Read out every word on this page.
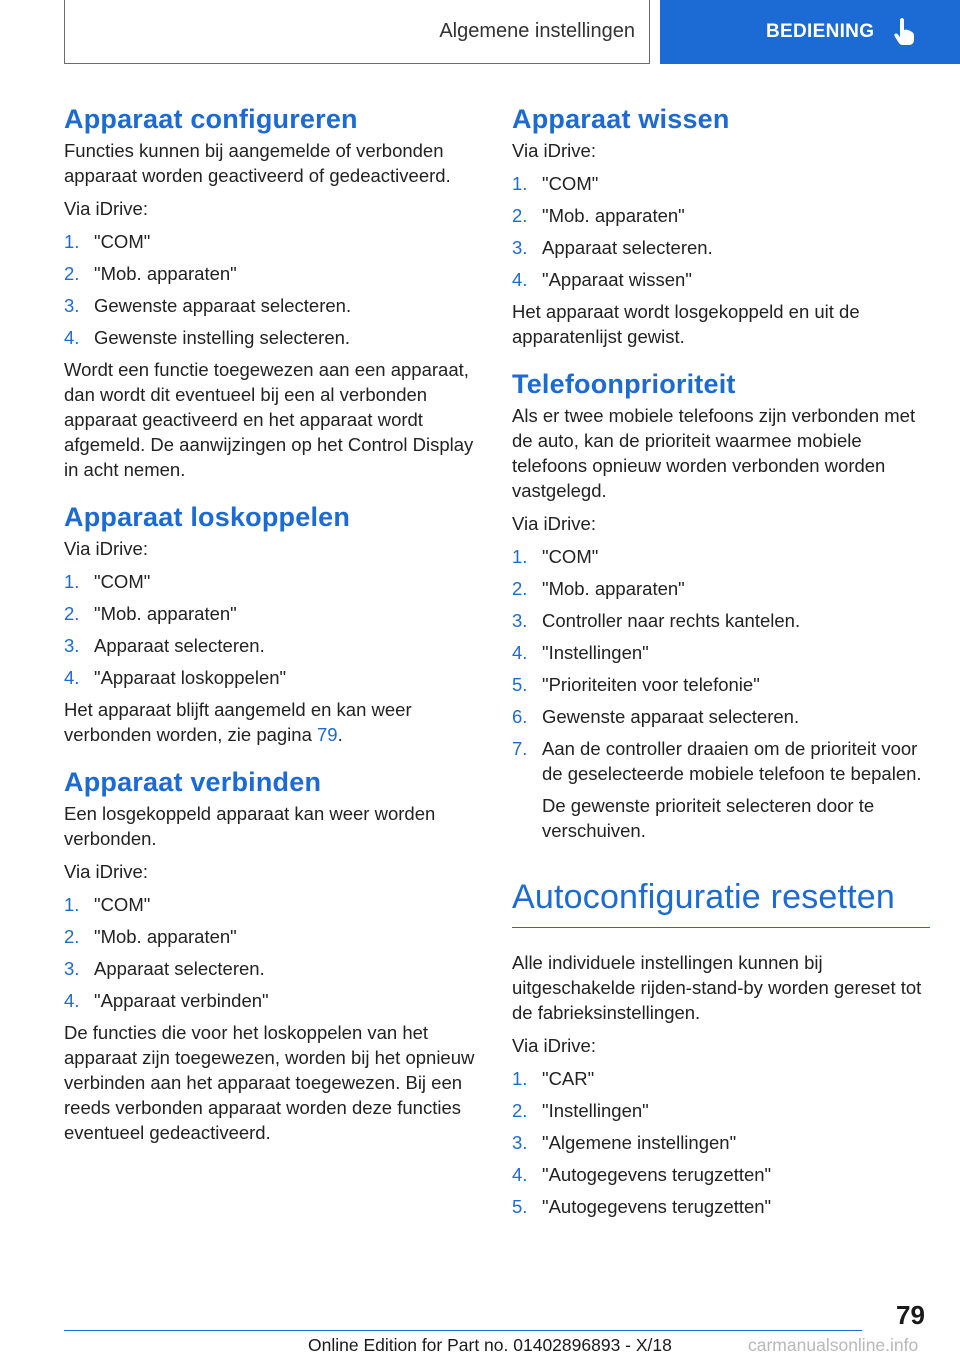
Algemene instellingen	BEDIENING
Apparaat configureren

Functies kunnen bij aangemelde of verbonden apparaat worden geactiveerd of gedeactiveerd.

Via iDrive:

1. "COM"
2. "Mob. apparaten"
3. Gewenste apparaat selecteren.
4. Gewenste instelling selecteren.

Wordt een functie toegewezen aan een apparaat, dan wordt dit eventueel bij een al verbonden apparaat geactiveerd en het apparaat wordt afgemeld. De aanwijzingen op het Control Display in acht nemen.

Apparaat loskoppelen

Via iDrive:

1. "COM"
2. "Mob. apparaten"
3. Apparaat selecteren.
4. "Apparaat loskoppelen"

Het apparaat blijft aangemeld en kan weer verbonden worden, zie pagina 79.

Apparaat verbinden

Een losgekoppeld apparaat kan weer worden verbonden.

Via iDrive:

1. "COM"
2. "Mob. apparaten"
3. Apparaat selecteren.
4. "Apparaat verbinden"

De functies die voor het loskoppelen van het apparaat zijn toegewezen, worden bij het opnieuw verbinden aan het apparaat toegewezen. Bij een reeds verbonden apparaat worden deze functies eventueel gedeactiveerd.

Apparaat wissen

Via iDrive:

1. "COM"
2. "Mob. apparaten"
3. Apparaat selecteren.
4. "Apparaat wissen"

Het apparaat wordt losgekoppeld en uit de apparatenlijst gewist.

Telefoonprioriteit

Als er twee mobiele telefoons zijn verbonden met de auto, kan de prioriteit waarmee mobiele telefoons opnieuw worden verbonden worden vastgelegd.

Via iDrive:

1. "COM"
2. "Mob. apparaten"
3. Controller naar rechts kantelen.
4. "Instellingen"
5. "Prioriteiten voor telefonie"
6. Gewenste apparaat selecteren.
7. Aan de controller draaien om de prioriteit voor de geselecteerde mobiele telefoon te bepalen.
De gewenste prioriteit selecteren door te verschuiven.
Autoconfiguratie resetten

Alle individuele instellingen kunnen bij uitgeschakelde rijden-stand-by worden gereset tot de fabrieksinstellingen.

Via iDrive:

1. "CAR"
2. "Instellingen"
3. "Algemene instellingen"
4. "Autogegevens terugzetten"
5. "Autogegevens terugzetten"
79
Online Edition for Part no. 01402896893 - X/18	carmanualsonline.info
